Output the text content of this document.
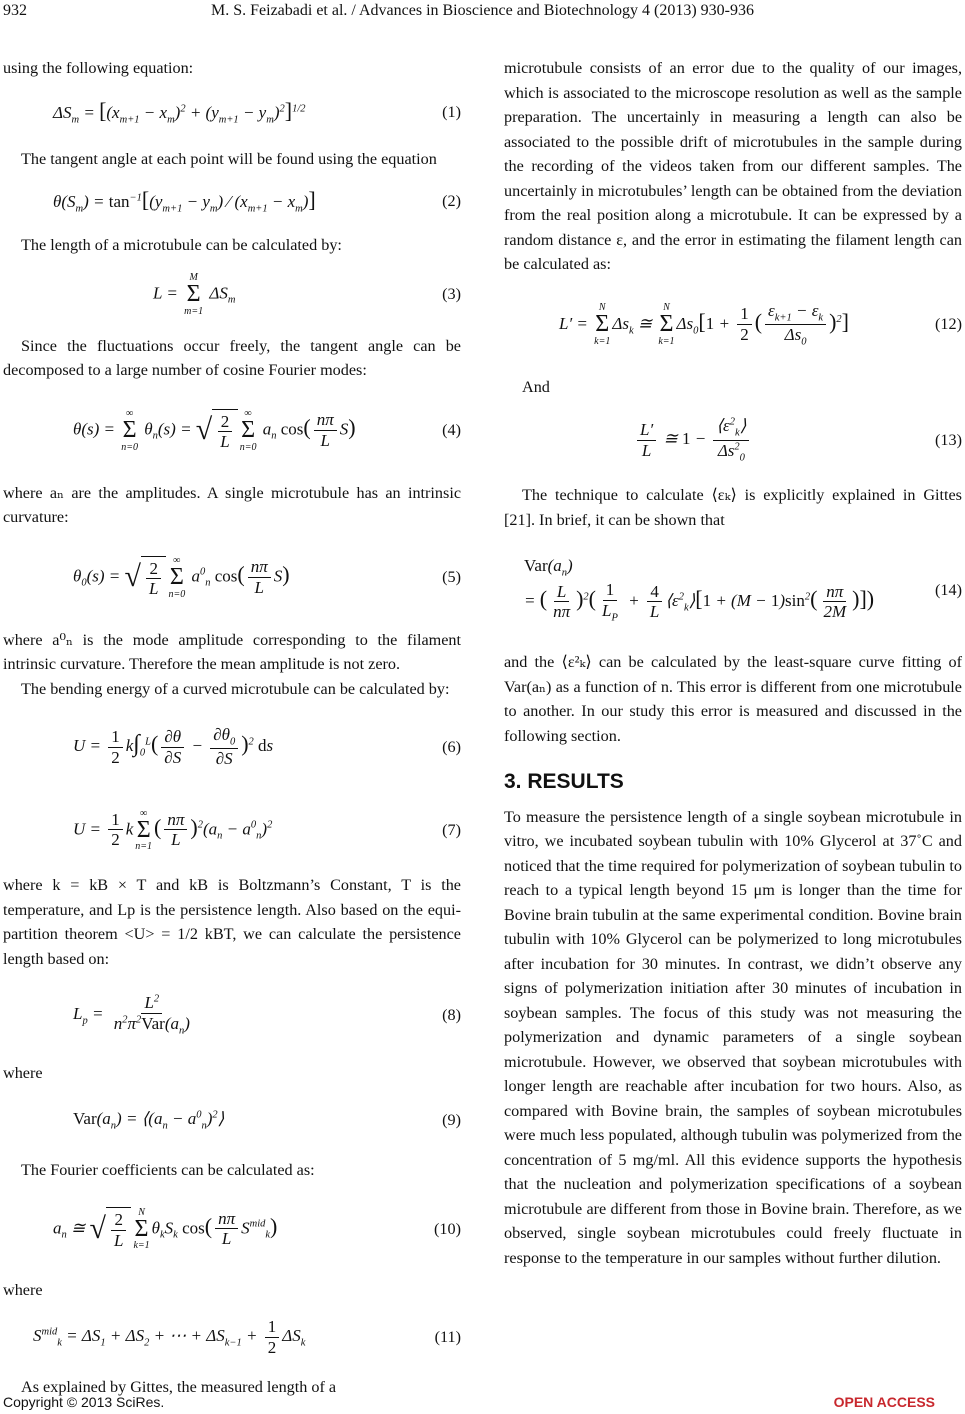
932	M. S. Feizabadi et al. / Advances in Bioscience and Biotechnology 4 (2013) 930-936

using the following equation:

$\Delta S_m = [(x_{m+1} - x_m)^2 + (y_{m+1} - y_m)^2]^{1/2}$	(1)

The tangent angle at each point will be found using the equation

$\theta(S_m) = \tan^{-1}[(y_{m+1} - y_m)$ ⁄ $(x_{m+1} - x_m)$]	(2)

The length of a microtubule can be calculated by:

L =
M
Σ
m=1
$\Delta S_m$	(3)

Since the fluctuations occur freely, the tangent angle can be decomposed to a large number of cosine Fourier modes:

θ(s) =
∞
Σ
n=0
$\theta_n(s)$ = √ $\frac{2}{L}$ ∞
Σ
n=0
$a_n$ $\cos( \frac{n\pi}{L} S)$	(4)

where aₙ are the amplitudes. A single microtubule has an intrinsic curvature:

$\theta_0(s)$ = √ $\frac{2}{L}$ ∞
Σ
n=0
$a^0_n$ $\cos( \frac{n\pi}{L} S)$	(5)

where a⁰ₙ is the mode amplitude corresponding to the filament intrinsic curvature. Therefore the mean amplitude is not zero.

The bending energy of a curved microtubule can be calculated by:

$U = \frac{1}{2} k\int_0^L( \frac{\partial\theta}{\partial S} - \frac{\partial\theta_0}{\partial S} )^2$ ds	(6)
$U = \frac{1}{2}$ k
∞
Σ
n=1
( $\frac{n\pi}{L} )^2(a_n - a^0_n)^2$	(7)

where k = kB × T and kB is Boltzmann’s Constant, T is the temperature, and Lp is the persistence length. Also based on the equi-partition theorem <U> = 1/2 kBT, we can calculate the persistence length based on:

$L_p = \frac{L^2}{n^2\pi^2Var(a_n)}$	(8)

where

$Var(a_n)$ = $⟨(a_n$ − $a^0_n)^2⟩$	(9)

The Fourier coefficients can be calculated as:

$a_n$ ≅ √ $\frac{2}{L}$ N
Σ
k=1
$\theta_kS_k$ $\cos( \frac{n\pi}{L} S^{mid}_k)$	(10)

where

$S^{mid}_k = \Delta S_1 + \Delta S_2$ + ⋯ + $\Delta S_{k-1} + \frac{1}{2} \Delta S_k$	(11)

As explained by Gittes, the measured length of a

microtubule consists of an error due to the quality of our images, which is associated to the microscope resolution as well as the sample preparation. The uncertainly in measuring a length can also be associated to the possible drift of microtubules in the sample during the recording of the videos taken from our different samples. The uncertainly in microtubules’ length can be obtained from the deviation from the real position along a microtubule. It can be expressed by a random distance ε, and the error in estimating the filament length can be calculated as:

L′ =
N
Σ
k=1
$\Delta s_k$ ≅
N
Σ
k=1
$\Delta s_0[1 + \frac{1}{2}$ ( $\frac{\varepsilon_{k+1} - \varepsilon_k}{\Delta s_0} )^2$]	(12)

And

$\frac{L'}{L}$ ≅ $1 - \frac{⟨\varepsilon^2_k⟩}{\Delta s^2_0}$	(13)

The technique to calculate ⟨εₖ⟩ is explicitly explained in Gittes [21]. In brief, it can be shown that

$Var(a_n)$
= ( $\frac{L}{n\pi} )^2( \frac{1}{L_P} + \frac{4}{L}$ $⟨\varepsilon^2_k⟩[1 + (M - 1)\sin^2( \frac{n\pi}{2M}$ )])	(14)

and the ⟨ε²ₖ⟩ can be calculated by the least-square curve fitting of Var(aₙ) as a function of n. This error is different from one microtubule to another. In our study this error is measured and discussed in the following section.

3. RESULTS

To measure the persistence length of a single soybean microtubule in vitro, we incubated soybean tubulin with 10% Glycerol at 37˚C and noticed that the time required for polymerization of soybean tubulin to reach to a typical length beyond 15 μm is longer than the time for Bovine brain tubulin at the same experimental condition. Bovine brain tubulin with 10% Glycerol can be polymerized to long microtubules after incubation for 30 minutes. In contrast, we didn’t observe any signs of polymerization initiation after 30 minutes of incubation in soybean samples. The focus of this study was not measuring the polymerization and dynamic parameters of a single soybean microtubule. However, we observed that soybean microtubules with longer length are reachable after incubation for two hours. Also, as compared with Bovine brain, the samples of soybean microtubules were much less populated, although tubulin was polymerized from the concentration of 5 mg/ml. All this evidence supports the hypothesis that the nucleation and polymerization specifications of a soybean microtubule are different from those in Bovine brain. Therefore, as we observed, single soybean microtubules could freely fluctuate in response to the temperature in our samples without further dilution.

Copyright © 2013 SciRes.	OPEN ACCESS
